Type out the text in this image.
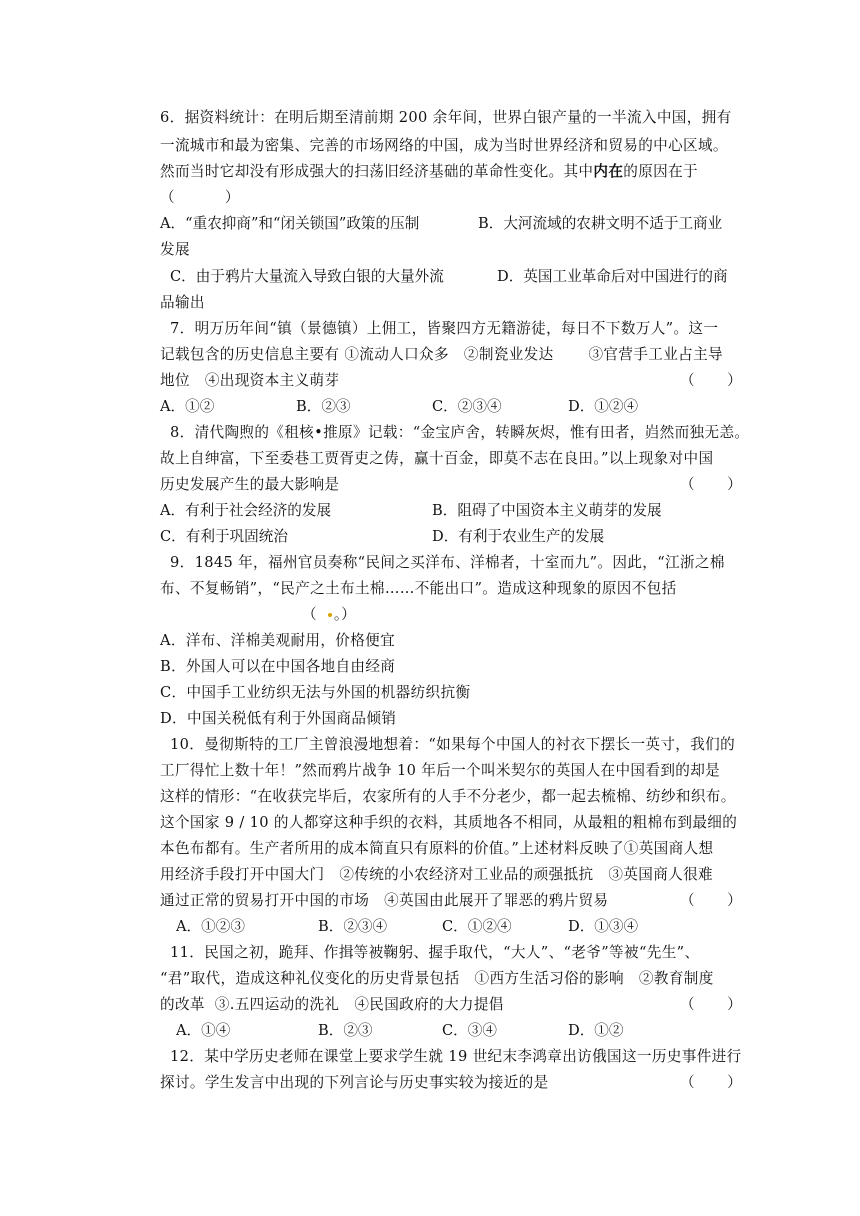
6．据资料统计：在明后期至清前期 200 余年间，世界白银产量的一半流入中国，拥有
一流城市和最为密集、完善的市场网络的中国，成为当时世界经济和贸易的中心区域。
然而当时它却没有形成强大的扫荡旧经济基础的革命性变化。其中内在的原因在于
（          ）
A．“重农抑商”和“闭关锁国”政策的压制	B．大河流域的农耕文明不适于工商业
发展
C．由于鸦片大量流入导致白银的大量外流	D．英国工业革命后对中国进行的商
品输出
7．明万历年间“镇（景德镇）上佣工，皆聚四方无籍游徒，每日不下数万人”。这一
记载包含的历史信息主要有 ①流动人口众多   ②制瓷业发达       ③官营手工业占主导
地位   ④出现资本主义萌芽	（       ）
A．①②	B．②③	C．②③④	D．①②④
8．清代陶煦的《租核•推原》记载：“金宝庐舍，转瞬灰烬，惟有田者，岿然而独无恙。
故上自绅富，下至委巷工贾胥吏之俦，赢十百金，即莫不志在良田。”以上现象对中国
历史发展产生的最大影响是	（       ）
A．有利于社会经济的发展	B．阻碍了中国资本主义萌芽的发展
C．有利于巩固统治	D．有利于农业生产的发展
9．1845 年，福州官员奏称“民间之买洋布、洋棉者，十室而九”。因此，“江浙之棉
布、不复畅销”，“民产之土布土棉……不能出口”。造成这种现象的原因不包括
（ 。）
A．洋布、洋棉美观耐用，价格便宜
B．外国人可以在中国各地自由经商
C．中国手工业纺织无法与外国的机器纺织抗衡
D．中国关税低有利于外国商品倾销
10．曼彻斯特的工厂主曾浪漫地想着：“如果每个中国人的衬衣下摆长一英寸，我们的
工厂得忙上数十年！”然而鸦片战争 10 年后一个叫米契尔的英国人在中国看到的却是
这样的情形：“在收获完毕后，农家所有的人手不分老少，都一起去梳棉、纺纱和织布。
这个国家 9 / 10 的人都穿这种手织的衣料，其质地各不相同，从最粗的粗棉布到最细的
本色布都有。生产者所用的成本简直只有原料的价值。”上述材料反映了①英国商人想
用经济手段打开中国大门   ②传统的小农经济对工业品的顽强抵抗   ③英国商人很难
通过正常的贸易打开中国的市场   ④英国由此展开了罪恶的鸦片贸易	（       ）
A．①②③	B．②③④	C．①②④	D．①③④
11．民国之初，跪拜、作揖等被鞠躬、握手取代，“大人”、“老爷”等被“先生”、
“君”取代，造成这种礼仪变化的历史背景包括   ①西方生活习俗的影响   ②教育制度
的改革  ③.五四运动的洗礼   ④民国政府的大力提倡	（       ）
A．①④	B．②③	C．③④	D．①②
12．某中学历史老师在课堂上要求学生就 19 世纪末李鸿章出访俄国这一历史事件进行
探讨。学生发言中出现的下列言论与历史事实较为接近的是	（       ）
